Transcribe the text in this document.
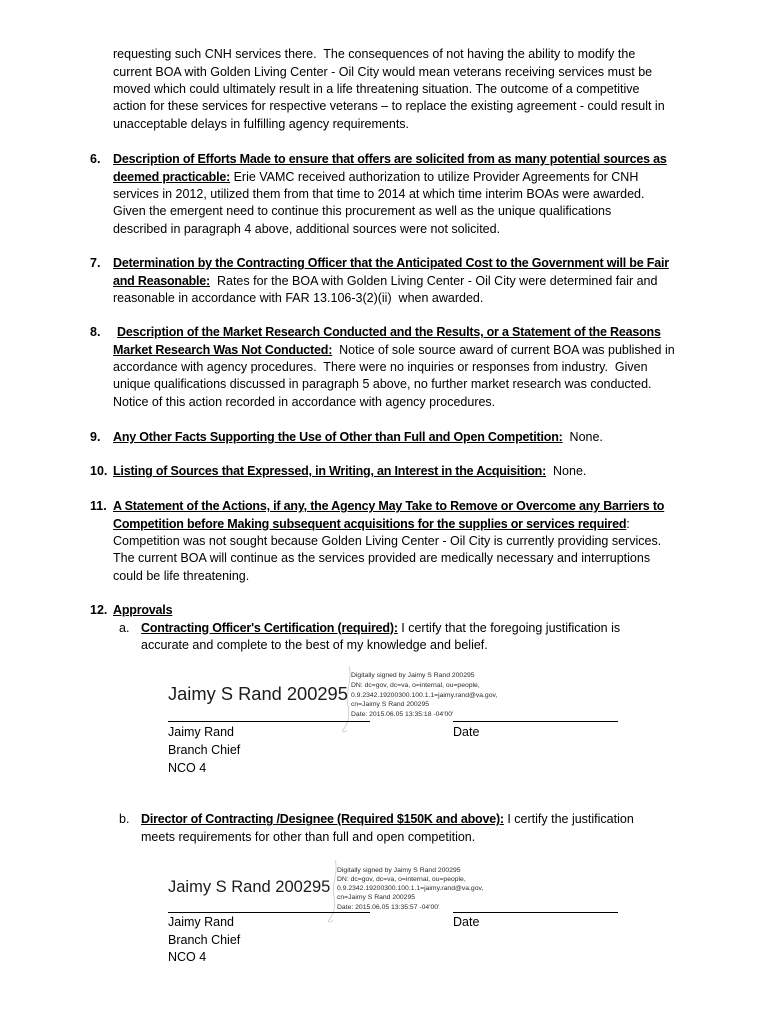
requesting such CNH services there.  The consequences of not having the ability to modify the
current BOA with Golden Living Center - Oil City would mean veterans receiving services must be
moved which could ultimately result in a life threatening situation. The outcome of a competitive
action for these services for respective veterans – to replace the existing agreement - could result in
unacceptable delays in fulfilling agency requirements.
6. Description of Efforts Made to ensure that offers are solicited from as many potential sources as
deemed practicable: Erie VAMC received authorization to utilize Provider Agreements for CNH
services in 2012, utilized them from that time to 2014 at which time interim BOAs were awarded.
Given the emergent need to continue this procurement as well as the unique qualifications
described in paragraph 4 above, additional sources were not solicited.
7. Determination by the Contracting Officer that the Anticipated Cost to the Government will be Fair
and Reasonable:  Rates for the BOA with Golden Living Center - Oil City were determined fair and
reasonable in accordance with FAR 13.106-3(2)(ii)  when awarded.
8.	Description of the Market Research Conducted and the Results, or a Statement of the Reasons
Market Research Was Not Conducted:  Notice of sole source award of current BOA was published in
accordance with agency procedures.  There were no inquiries or responses from industry.  Given
unique qualifications discussed in paragraph 5 above, no further market research was conducted.
Notice of this action recorded in accordance with agency procedures.
9. Any Other Facts Supporting the Use of Other than Full and Open Competition:  None.
10. Listing of Sources that Expressed, in Writing, an Interest in the Acquisition:  None.
11. A Statement of the Actions, if any, the Agency May Take to Remove or Overcome any Barriers to
Competition before Making subsequent acquisitions for the supplies or services required:
Competition was not sought because Golden Living Center - Oil City is currently providing services.
The current BOA will continue as the services provided are medically necessary and interruptions
could be life threatening.
12. Approvals
a. Contracting Officer's Certification (required): I certify that the foregoing justification is
accurate and complete to the best of my knowledge and belief.
Jaimy S Rand 200295
Digitally signed by Jaimy S Rand 200295
DN: dc=gov, dc=va, o=internal, ou=people,
0.9.2342.19200300.100.1.1=jaimy.rand@va.gov,
cn=Jaimy S Rand 200295
Date: 2015.06.05 13:35:18 -04'00'
Jaimy Rand
Branch Chief
NCO 4
Date
b. Director of Contracting /Designee (Required $150K and above): I certify the justification
meets requirements for other than full and open competition.
Jaimy S Rand 200295
Digitally signed by Jaimy S Rand 200295
DN: dc=gov, dc=va, o=internal, ou=people,
0.9.2342.19200300.100.1.1=jaimy.rand@va.gov,
cn=Jaimy S Rand 200295
Date: 2015.06.05 13:35:57 -04'00'
Jaimy Rand
Branch Chief
NCO 4
Date
